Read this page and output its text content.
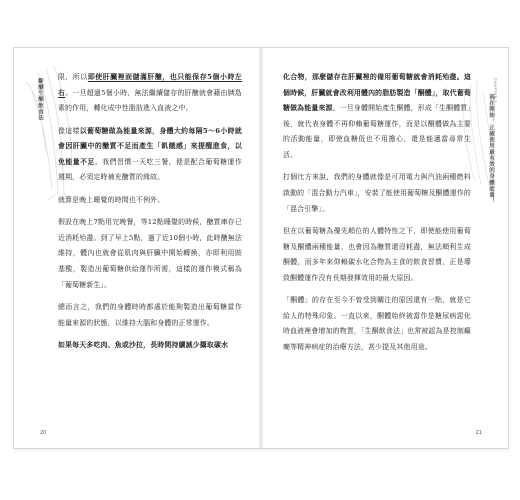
斷醣生酮飲食法

限，所以即使肝臟裡面儲滿肝醣，也只能保存5個小時左右。一旦超過5個小時，無法繼續儲存的肝醣就會藉由胰島素的作用，轉化成中性脂肪進入血液之中。

像這樣以葡萄糖做為能量來源，身體大約每隔5～6小時就會因肝臟中的醣質不足而產生「飢餓感」來提醒進食，以免能量不足。我們習慣一天吃三餐，便是配合葡萄糖運作週期，必須定時補充醣質的緣故。

就算是晚上睡覺的時間也不例外。

假設在晚上7點用完晚餐，等12點睡覺的時候，醣質庫存已近消耗殆盡。到了早上5點，過了近10個小時，此時醣無法維持，體內也就會從肌肉與肝臟中開始轉換，亦即利用胺基酸，製造出葡萄糖供給運作所需，這樣的運作模式稱為「葡萄糖新生」。

總而言之，我們的身體時時都處於能夠製造出葡萄糖當作能量來源的狀態，以維持大腦和身體的正常運作。

如果每天多吃肉、魚或沙拉，長時間持續減少攝取碳水

20

化合物，那麼儲存在肝臟裡的備用葡萄糖就會消耗殆盡。這個時候，肝臟就會改利用體內的脂肪製造「酮體」，取代葡萄糖做為能量來源。一旦身體開始產生酮體，形成「生酮體質」後，就代表身體不再仰賴葡萄糖運作，而是以酮體做為主要的活動能量，即使血糖低也不用擔心，還是能適當尋常生活。

打個比方來說，我們的身體就像是可用電力與汽油兩種燃料啟動的「混合動力汽車」，安裝了能使用葡萄糖及酮體運作的「混合引擎」。

但在以葡萄糖為優先順位的人體特性之下，即使能使用葡萄糖及酮體兩種能量，也會因為醣質還沒耗盡，無法順利生成酮體，而多年來仰賴碳水化合物為主食的飲食習慣，正是導致酮體運作沒有長期發揮效用的最大原因。

「酮體」的存在至今不曾受到關注的原因還有一點，就是它給人的特殊印象。一直以來，酮體始終被當作是糖尿病惡化時血液裡會增加的物質，「生酮飲食法」也常被認為是控制癲癇等精神病症的治療方法，甚少提及其他用途。

CHAPTER 1
現在開始，正確使用最有效的身體能量！
21
